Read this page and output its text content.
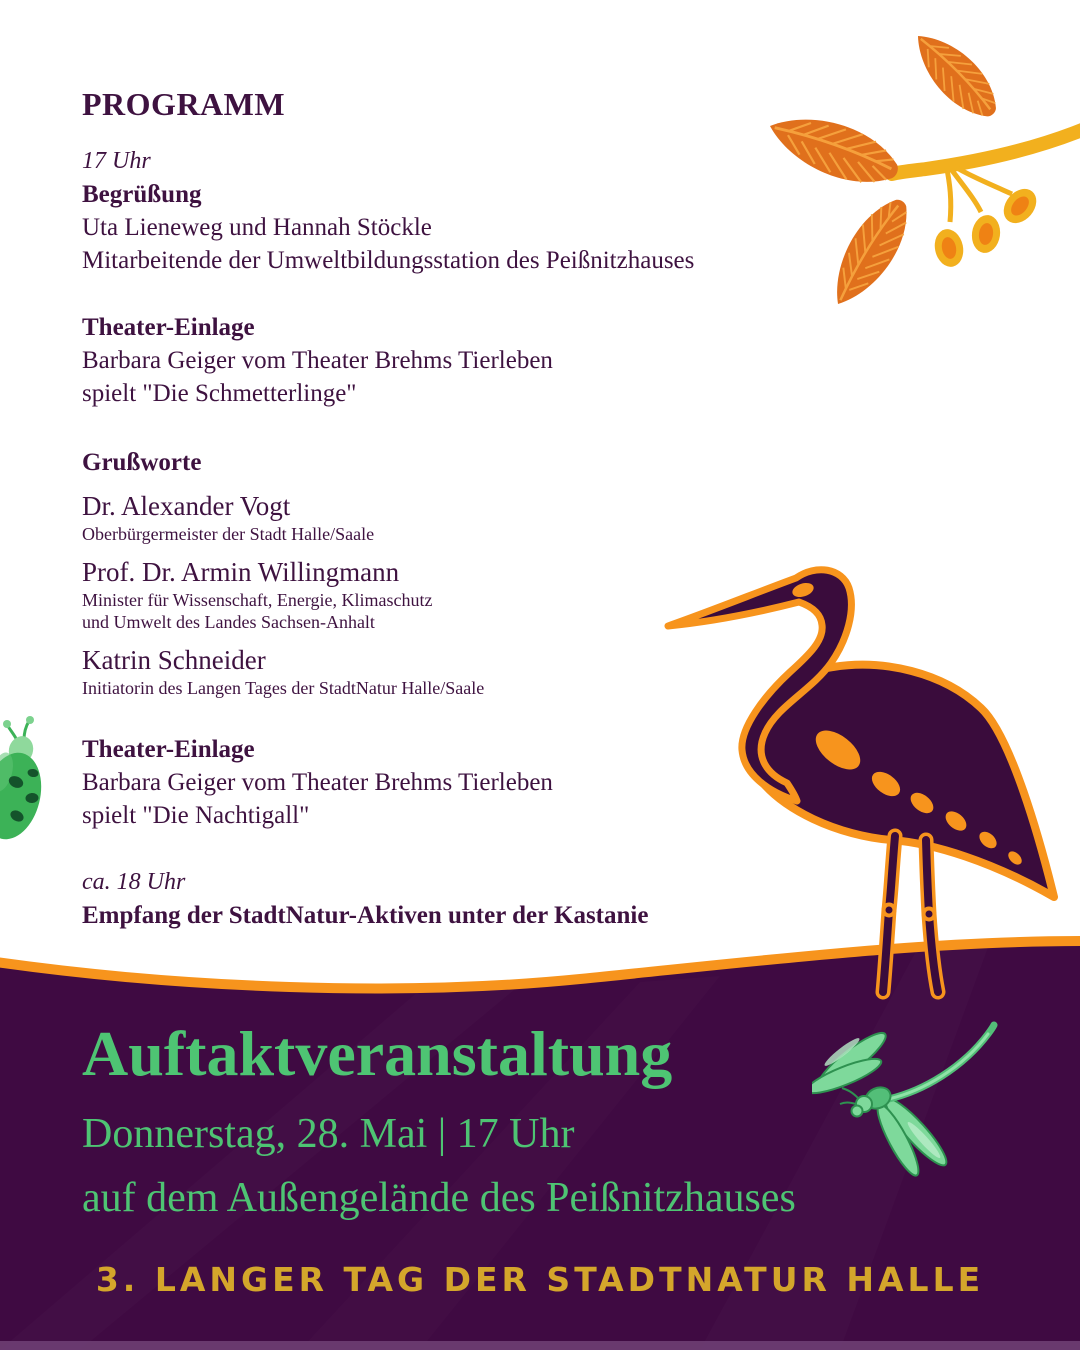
PROGRAMM

17 Uhr

Begrüßung

Uta Lieneweg und Hannah Stöckle

Mitarbeitende der Umweltbildungsstation des Peißnitzhauses

Theater-Einlage

Barbara Geiger vom Theater Brehms Tierleben

spielt "Die Schmetterlinge"

Grußworte

Dr. Alexander Vogt

Oberbürgermeister der Stadt Halle/Saale

Prof. Dr. Armin Willingmann

Minister für Wissenschaft, Energie, Klimaschutz

und Umwelt des Landes Sachsen-Anhalt

Katrin Schneider

Initiatorin des Langen Tages der StadtNatur Halle/Saale

Theater-Einlage

Barbara Geiger vom Theater Brehms Tierleben

spielt "Die Nachtigall"

ca. 18 Uhr

Empfang der StadtNatur-Aktiven unter der Kastanie

Auftaktveranstaltung

Donnerstag, 28. Mai | 17 Uhr

auf dem Außengelände des Peißnitzhauses

3. LANGER TAG DER STADTNATUR HALLE
